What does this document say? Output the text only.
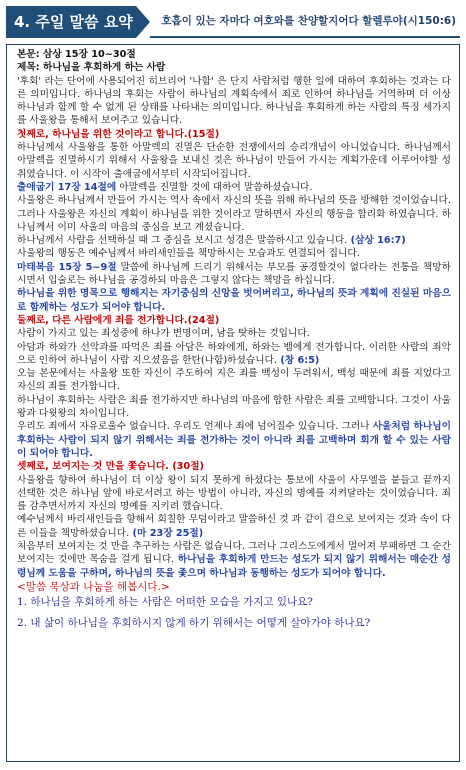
4. 주일 말씀 요약	호흡이 있는 자마다 여호와를 찬양할지어다 할렐루야(시150:6)

본문: 삼상 15장 10~30절

제목: 하나님을 후회하게 하는 사람

'후회' 라는 단어에 사용되어진 히브리어 '나함' 은 단지 사람처럼 행한 일에 대하여 후회하는 것과는 다른 의미입니다. 하나님의 후회는 사람이 하나님의 계획속에서 죄로 인하여 하나님을 거역하며 더 이상 하나님과 함께 할 수 없게 된 상태를 나타내는 의미입니다. 하나님을 후회하게 하는 사람의 특징 세가지를 사울왕을 통해서 보여주고 있습니다.

첫째로, 하나님을 위한 것이라고 합니다.(15절)

하나님께서 사울왕을 통한 아말렉의 진멸은 단순한 전쟁에서의 승리개념이 아니었습니다. 하나님께서 아말렉을 진멸하시기 위해서 사울왕을 보내신 것은 하나님이 만들어 가시는 계획가운데 이루어야할 성취였습니다. 이 시작이 출애굽에서부터 시작되어집니다.

출애굽기 17장 14절에 아말렉을 진멸할 것에 대하여 말씀하셨습니다.

사울왕은 하나님께서 만들어 가시는 역사 속에서 자신의 뜻을 위해 하나님의 뜻을 방해한 것이었습니다. 그러나 사울왕은 자신의 계획이 하나님을 위한 것이라고 말하면서 자신의 행동을 합리화 하였습니다. 하나님께서 이미 사울의 마음의 중심을 보고 계셨습니다.

하나님께서 사람을 선택하실 때 그 중심을 보시고 성경은 말씀하시고 있습니다. (삼상 16:7)

사울왕의 행동은 예수님께서 바리새인들을 책망하시는 모습과도 연결되어 집니다.

마태복음 15장 5~9절 말씀에 하나님께 드리기 위해서는 부모를 공경할것이 없다라는 전통을 책망하시면서 입술로는 하나님을 공경하되 마음은 그렇지 않다는 책망을 하십니다.

하나님을 위한 명목으로 행해지는 자기중심의 신앙을 벗어버리고, 하나님의 뜻과 계획에 진실된 마음으로 함께하는 성도가 되어야 합니다.

둘째로, 다른 사람에게 죄를 전가합니다.(24절)

사람이 가지고 있는 죄성중에 하나가 변명이며, 남을 탓하는 것입니다.

아담과 하와가 선악과를 따먹은 죄를 아담은 하와에게, 하와는 뱀에게 전가합니다. 이러한 사람의 죄악으로 인하여 하나님이 사람 지으셨음을 한탄(나함)하셨습니다. (창 6:5)

오늘 본문에서는 사울왕 또한 자신이 주도하여 지은 죄를 백성이 두려워서, 백성 때문에 죄를 지었다고 자신의 죄를 전가합니다.

하나님이 후회하는 사람은 죄를 전가하지만 하나님의 마음에 합한 사람은 죄를 고백합니다. 그것이 사울왕과 다윗왕의 차이입니다.

우리도 죄에서 자유로울수 없습니다. 우리도 언제나 죄에 넘어질수 있습니다. 그러나 사울처럼 하나님이 후회하는 사람이 되지 않기 위해서는 죄를 전가하는 것이 아니라 죄를 고백하며 회개 할 수 있는 사람이 되어야 합니다.

셋째로, 보여지는 것 만을 쫓습니다. (30절)

사울왕을 향하여 하나님이 더 이상 왕이 되지 못하게 하셨다는 통보에 사울이 사무엘을 붙들고 끝까지 선택한 것은 하나님 앞에 바로서려고 하는 방법이 아니라, 자신의 명예를 지켜달라는 것이었습니다. 죄를 감추면서까지 자신의 명예를 지키려 했습니다.

예수님께서 바리새인들을 향해서 회칠한 무덤이라고 말씀하신 것 과 같이 겉으로 보여지는 것과 속이 다른 이들을 책망하셨습니다. (마 23장 25절)

처음부터 보여지는 것 만을 추구하는 사람은 없습니다. 그러나 그리스도에게서 멀어져 부패하면 그 순간 보여지는 것에만 목숨을 걸게 됩니다. 하나님을 후회하게 만드는 성도가 되지 않기 위해서는 매순간 성령님께 도움을 구하며, 하나님의 뜻을 좇으며 하나님과 동행하는 성도가 되어야 합니다.

<말씀 묵상과 나눔을 해봅시다.>

1. 하나님을 후회하게 하는 사람은 어떠한 모습을 가지고 있나요?

2. 내 삶이 하나님을 후회하시지 않게 하기 위해서는 어떻게 살아가야 하나요?
